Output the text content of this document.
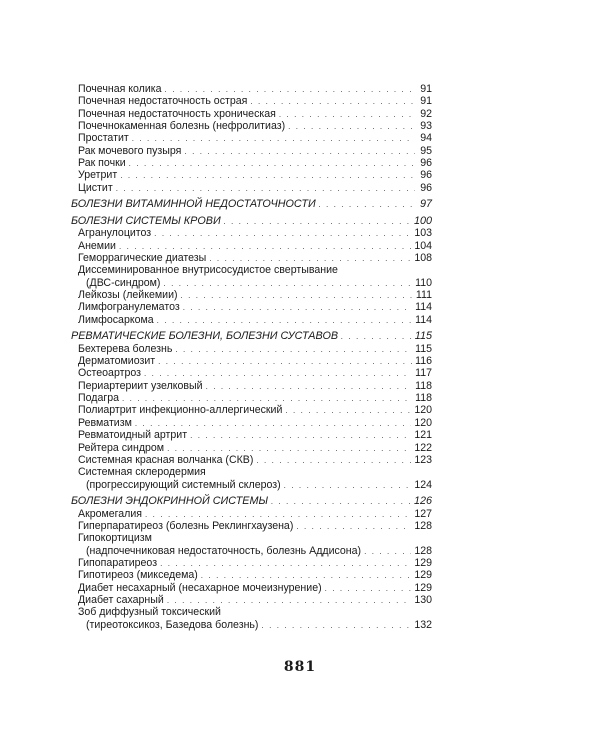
Почечная колика . . .	91
Почечная недостаточность острая . . .	91
Почечная недостаточность хроническая . . .	92
Почечнокаменная болезнь (нефролитиаз) . . .	93
Простатит . . .	94
Рак мочевого пузыря . . .	95
Рак почки . . .	96
Уретрит . . .	96
Цистит . . .	96
БОЛЕЗНИ ВИТАМИННОЙ НЕДОСТАТОЧНОСТИ . . .	97
БОЛЕЗНИ СИСТЕМЫ КРОВИ . . .	100
Агранулоцитоз . . .	103
Анемии . . .	104
Геморрагические диатезы . . .	108
Диссеминированное внутрисосудистое свертывание
(ДВС-синдром) . . .	110
Лейкозы (лейкемии) . . .	111
Лимфогранулематоз . . .	114
Лимфосаркома . . .	114
РЕВМАТИЧЕСКИЕ БОЛЕЗНИ, БОЛЕЗНИ СУСТАВОВ . . .	115
Бехтерева болезнь . . .	115
Дерматомиозит . . .	116
Остеоартроз . . .	117
Периартериит узелковый . . .	118
Подагра . . .	118
Полиартрит инфекционно-аллергический . . .	120
Ревматизм . . .	120
Ревматоидный артрит . . .	121
Рейтера синдром . . .	122
Системная красная волчанка (СКВ) . . .	123
Системная склеродермия
(прогрессирующий системный склероз) . . .	124
БОЛЕЗНИ ЭНДОКРИННОЙ СИСТЕМЫ . . .	126
Акромегалия . . .	127
Гиперпаратиреоз (болезнь Реклингхаузена) . . .	128
Гипокортицизм
(надпочечниковая недостаточность, болезнь Аддисона) . . .	128
Гипопаратиреоз . . .	129
Гипотиреоз (микседема) . . .	129
Диабет несахарный (несахарное мочеизнурение) . . .	129
Диабет сахарный . . .	130
Зоб диффузный токсический
(тиреотоксикоз, Базедова болезнь) . . .	132
881
